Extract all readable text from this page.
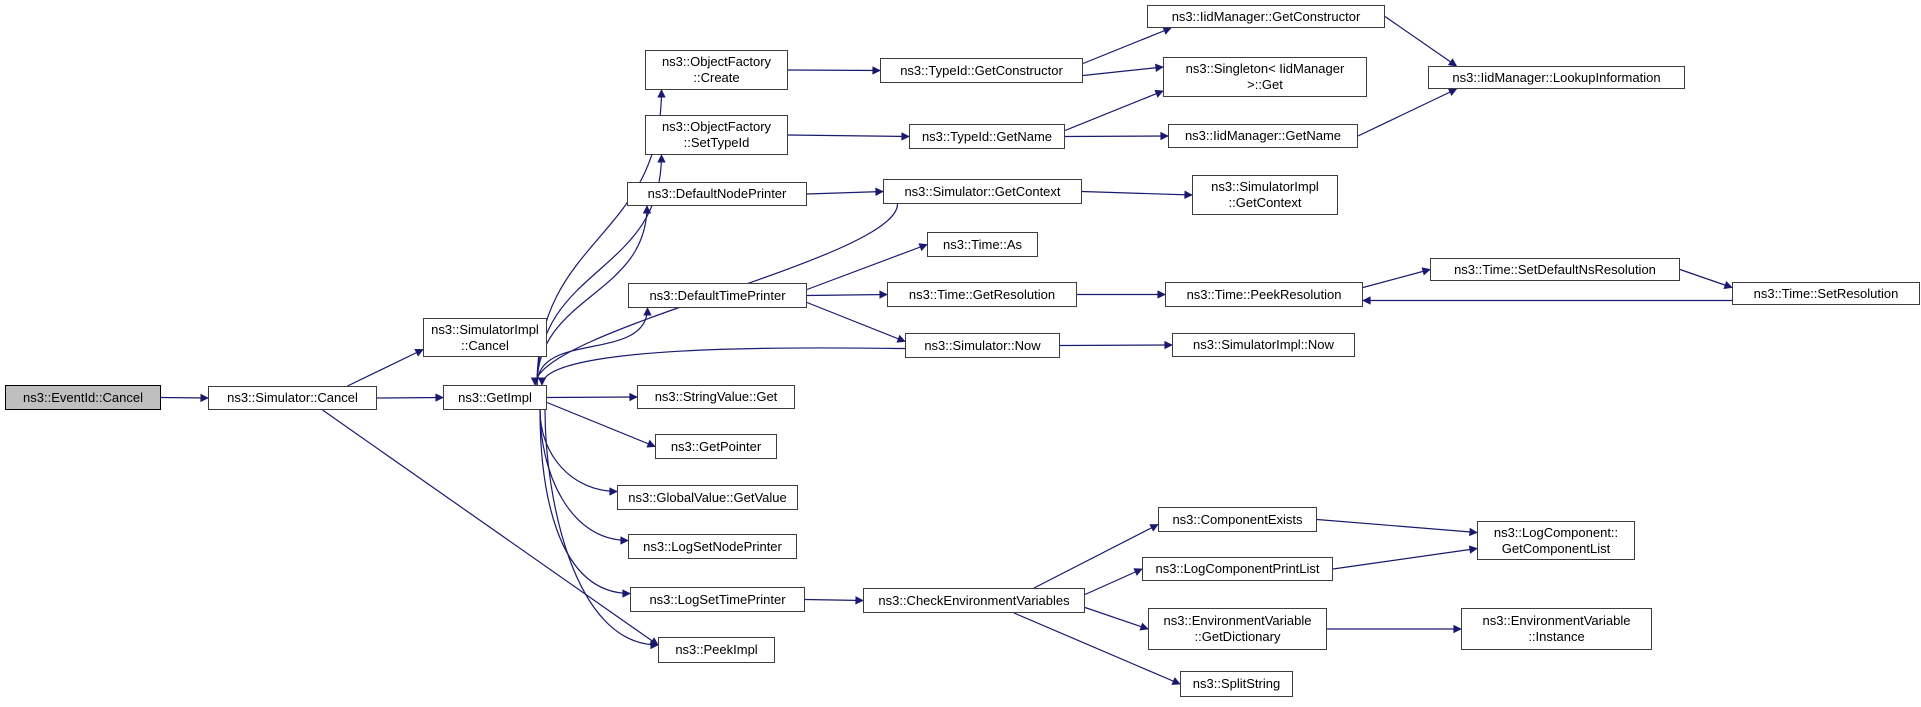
ns3::EventId::Cancel	ns3::Simulator::Cancel
ns3::SimulatorImpl
::Cancel
ns3::GetImpl
ns3::ObjectFactory
::Create
ns3::ObjectFactory
::SetTypeId
ns3::TypeId::GetConstructor
ns3::IidManager::GetConstructor
ns3::Singleton< IidManager
>::Get	ns3::IidManager::LookupInformation
ns3::TypeId::GetName	ns3::IidManager::GetName
ns3::DefaultNodePrinter	ns3::Simulator::GetContext	ns3::SimulatorImpl
::GetContext
ns3::Time::As
ns3::DefaultTimePrinter	ns3::Time::GetResolution	ns3::Time::PeekResolution
ns3::Time::SetDefaultNsResolution
ns3::Time::SetResolution
ns3::Simulator::Now	ns3::SimulatorImpl::Now
ns3::StringValue::Get
ns3::GetPointer
ns3::GlobalValue::GetValue
ns3::LogSetNodePrinter
ns3::LogSetTimePrinter
ns3::PeekImpl
ns3::CheckEnvironmentVariables
ns3::ComponentExists
ns3::LogComponentPrintList
ns3::EnvironmentVariable
::GetDictionary
ns3::SplitString
ns3::LogComponent::
GetComponentList
ns3::EnvironmentVariable
::Instance
